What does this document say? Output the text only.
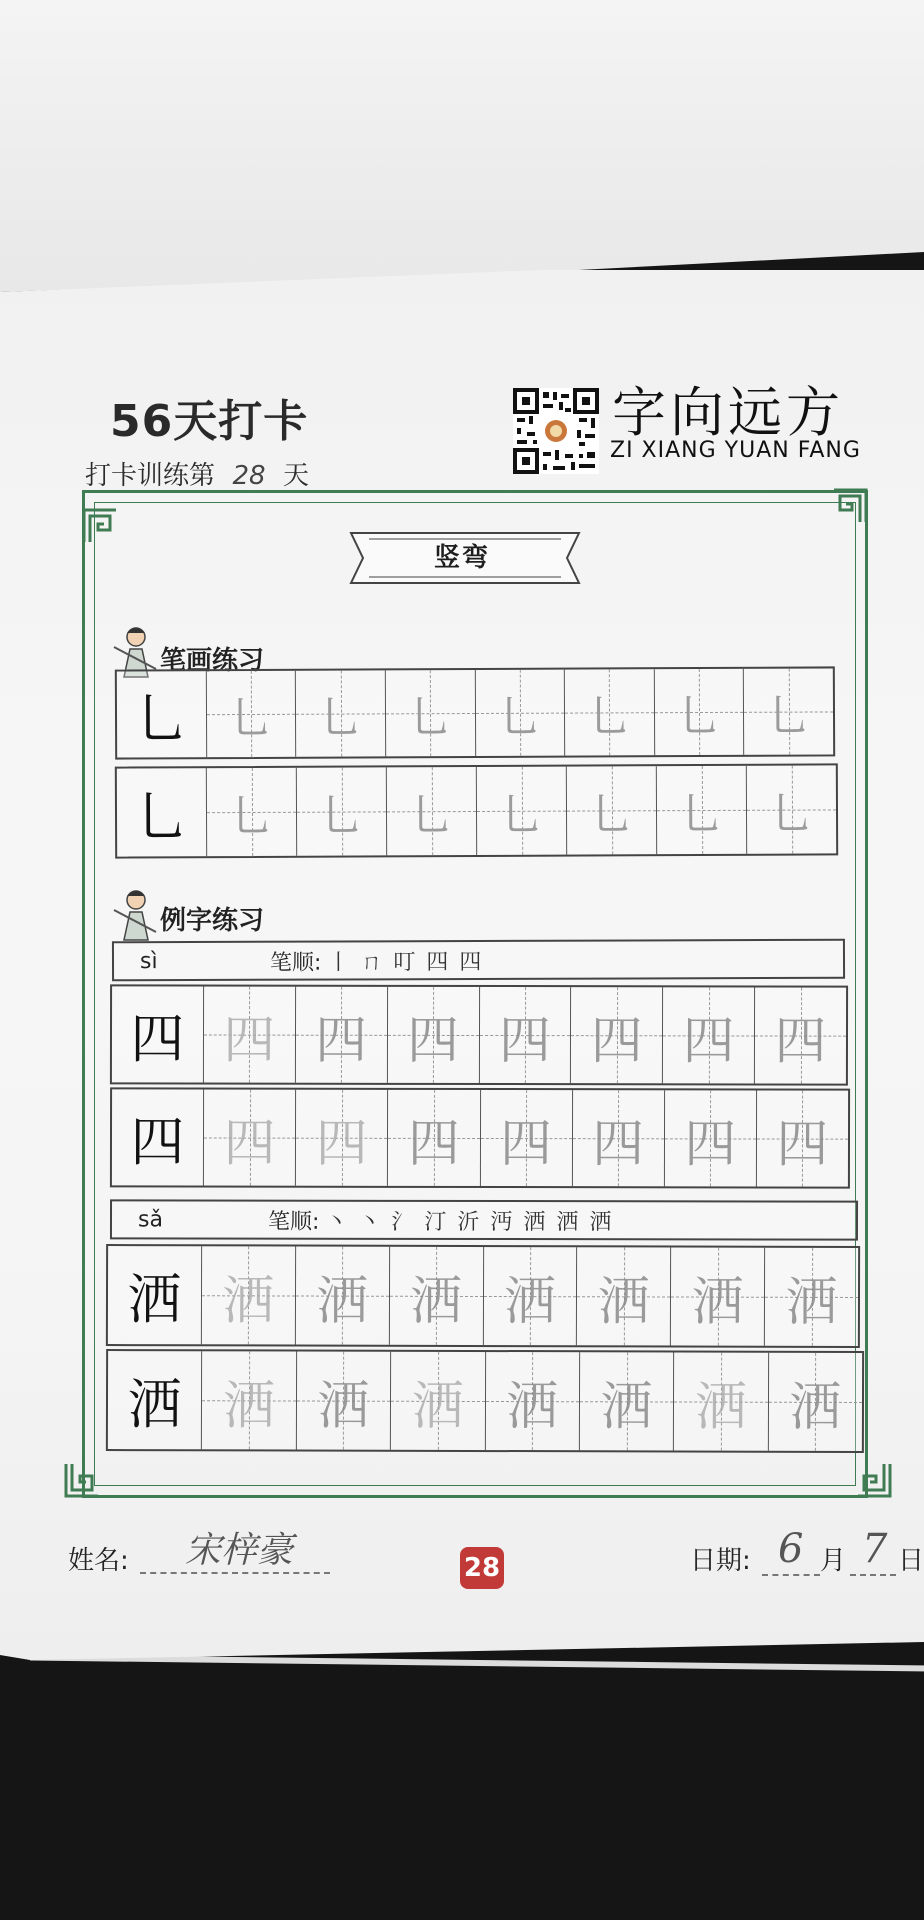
56天打卡
打卡训练第 28 天
字向远方
ZI XIANG YUAN FANG
竖弯
笔画练习
乚 乚 乚 乚 乚 乚 乚 乚
乚 乚 乚 乚 乚 乚 乚 乚
例字练习
sì	笔顺: 丨 ㄇ 叮 四 四
四 四 四 四 四 四 四 四
四 四 四 四 四 四 四 四
sǎ	笔顺: 丶 丶 氵 汀 沂 沔 洒 洒 洒
洒 洒 洒 洒 洒 洒 洒 洒
洒 洒 洒 洒 洒 洒 洒 洒
姓名: 宋梓豪	28	日期: 6 月 7 日
